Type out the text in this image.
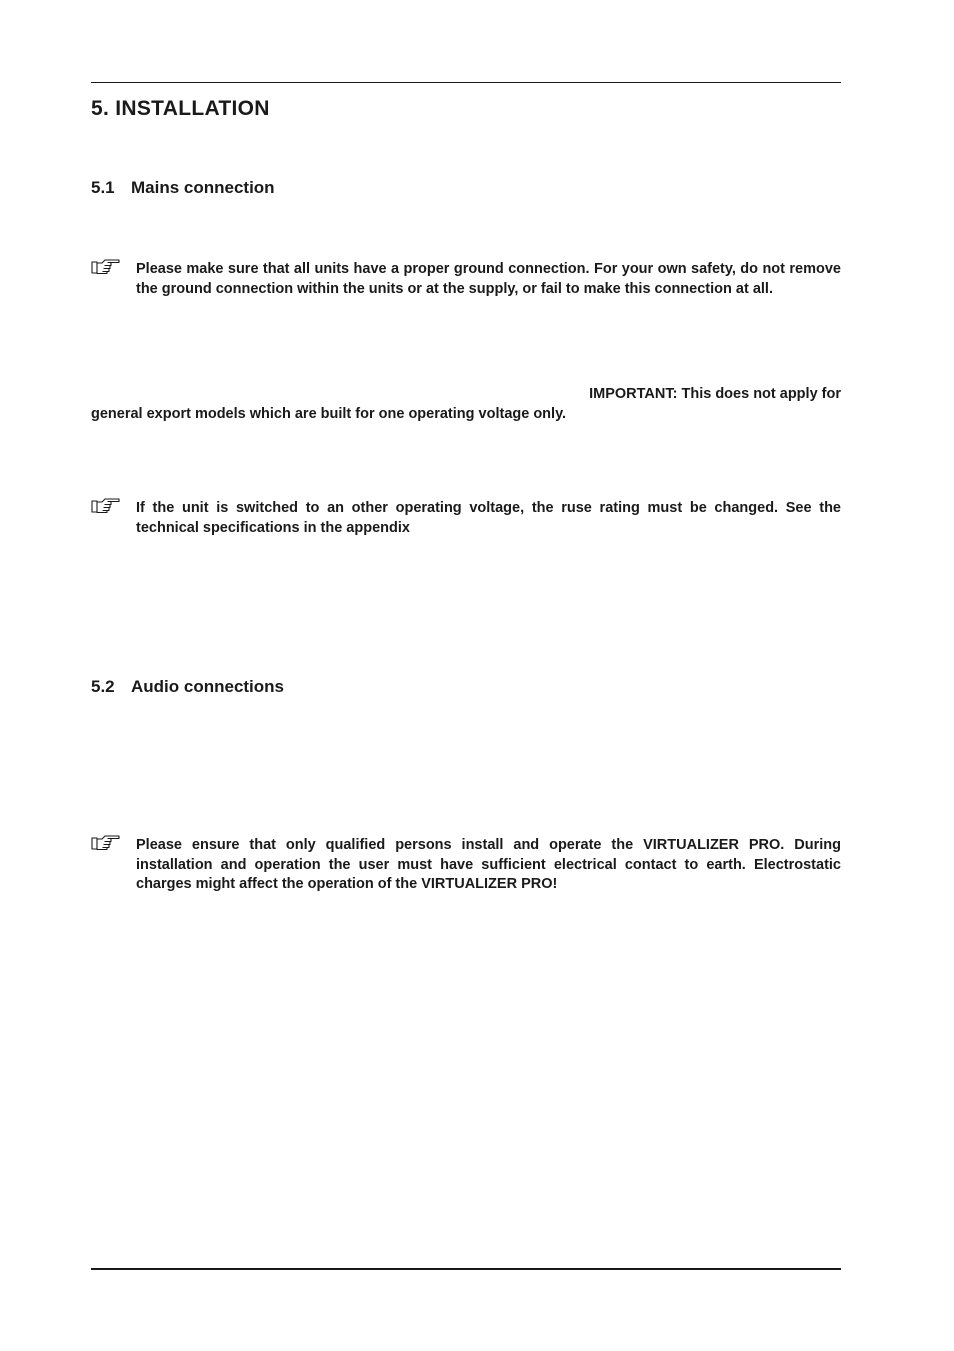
5. INSTALLATION
5.1 Mains connection
Please make sure that all units have a proper ground connection. For your own safety, do not remove the ground connection within the units or at the supply, or fail to make this connection at all.
IMPORTANT: This does not apply for
general export models which are built for one operating voltage only.
If the unit is switched to an other operating voltage, the ruse rating must be changed. See the technical specifications in the appendix
5.2 Audio connections
Please ensure that only qualified persons install and operate the VIRTUALIZER PRO. During installation and operation the user must have sufficient electrical contact to earth. Electrostatic charges might affect the operation of the VIRTUALIZER PRO!
